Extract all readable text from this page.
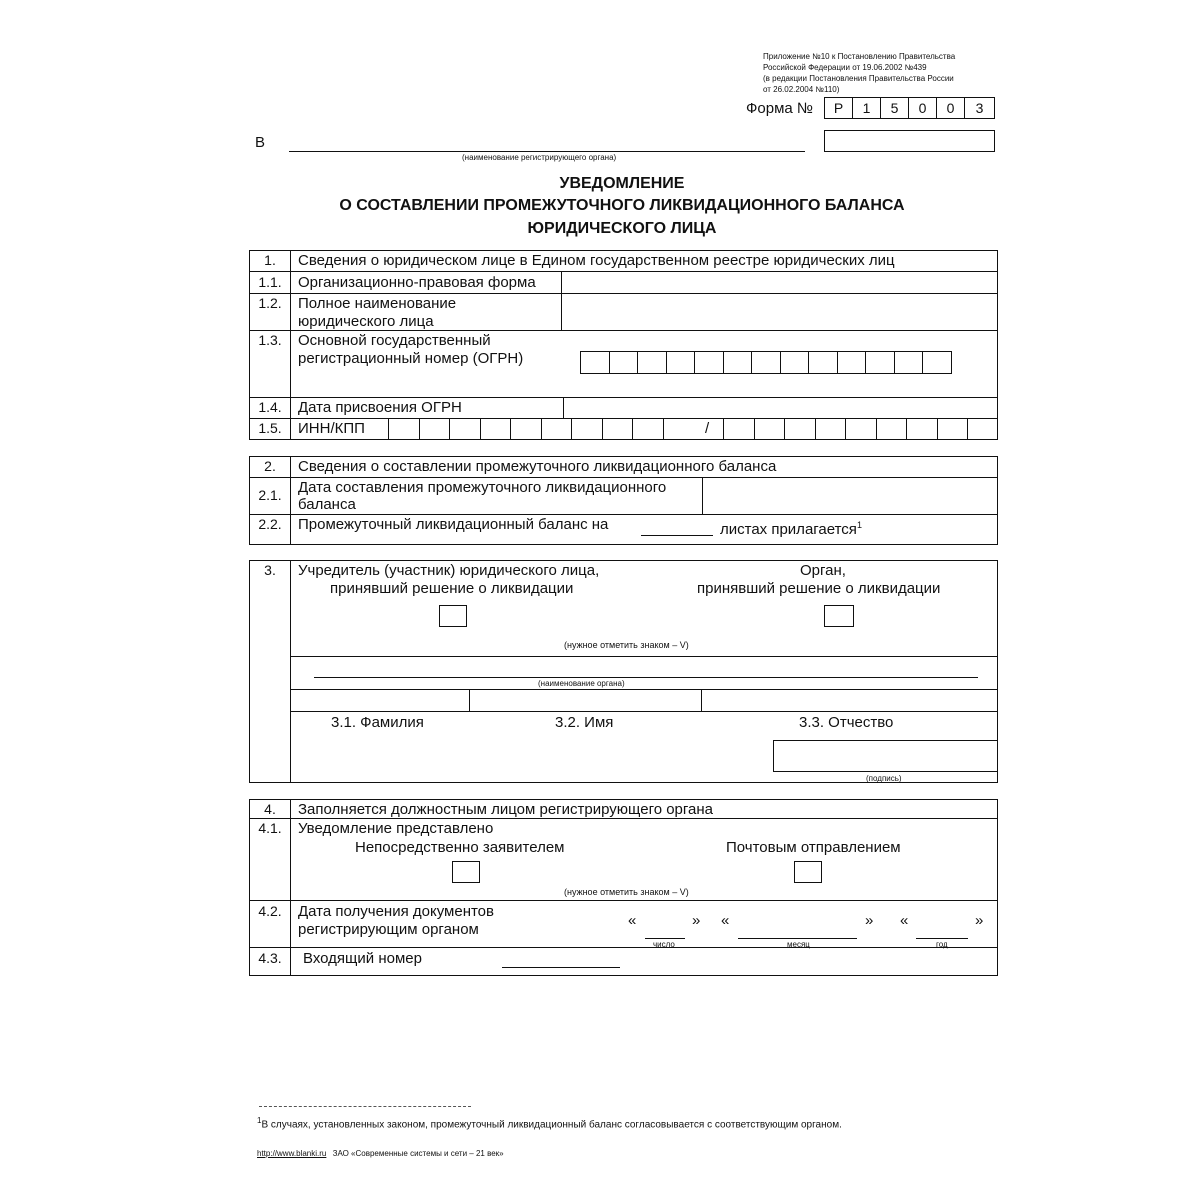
Приложение №10 к Постановлению Правительства
Российской Федерации от 19.06.2002 №439
(в редакции Постановления Правительства России
от 26.02.2004 №110)
Форма №	Р	1	5	0	0	3
В
(наименование регистрирующего органа)
УВЕДОМЛЕНИЕ
О СОСТАВЛЕНИИ ПРОМЕЖУТОЧНОГО ЛИКВИДАЦИОННОГО БАЛАНСА
ЮРИДИЧЕСКОГО ЛИЦА
1.	Сведения о юридическом лице в Едином государственном реестре юридических лиц
1.1.	Организационно-правовая форма
1.2.	Полное наименование
юридического лица
1.3.	Основной государственный
регистрационный номер (ОГРН)
1.4.	Дата присвоения ОГРН
1.5.	ИНН/КПП	/
2.	Сведения о составлении промежуточного ликвидационного баланса
2.1.	Дата составления промежуточного ликвидационного
баланса
2.2.	Промежуточный ликвидационный баланс на	листах прилагается$^1$
3.	Учредитель (участник) юридического лица,
принявший решение о ликвидации
Орган,
принявший решение о ликвидации
(нужное отметить знаком – V)
(наименование органа)
3.1. Фамилия	3.2. Имя	3.3. Отчество
(подпись)
4.	Заполняется должностным лицом регистрирующего органа
4.1.	Уведомление представлено
Непосредственно заявителем	Почтовым отправлением
(нужное отметить знаком – V)
4.2.	Дата получения документов
регистрирующим органом
«	»
число
«	»
месяц
«	»
год
4.3.	Входящий номер
$^1$В случаях, установленных законом, промежуточный ликвидационный баланс согласовывается с соответствующим органом.
http://www.blanki.ru ЗАО «Современные системы и сети – 21 век»
